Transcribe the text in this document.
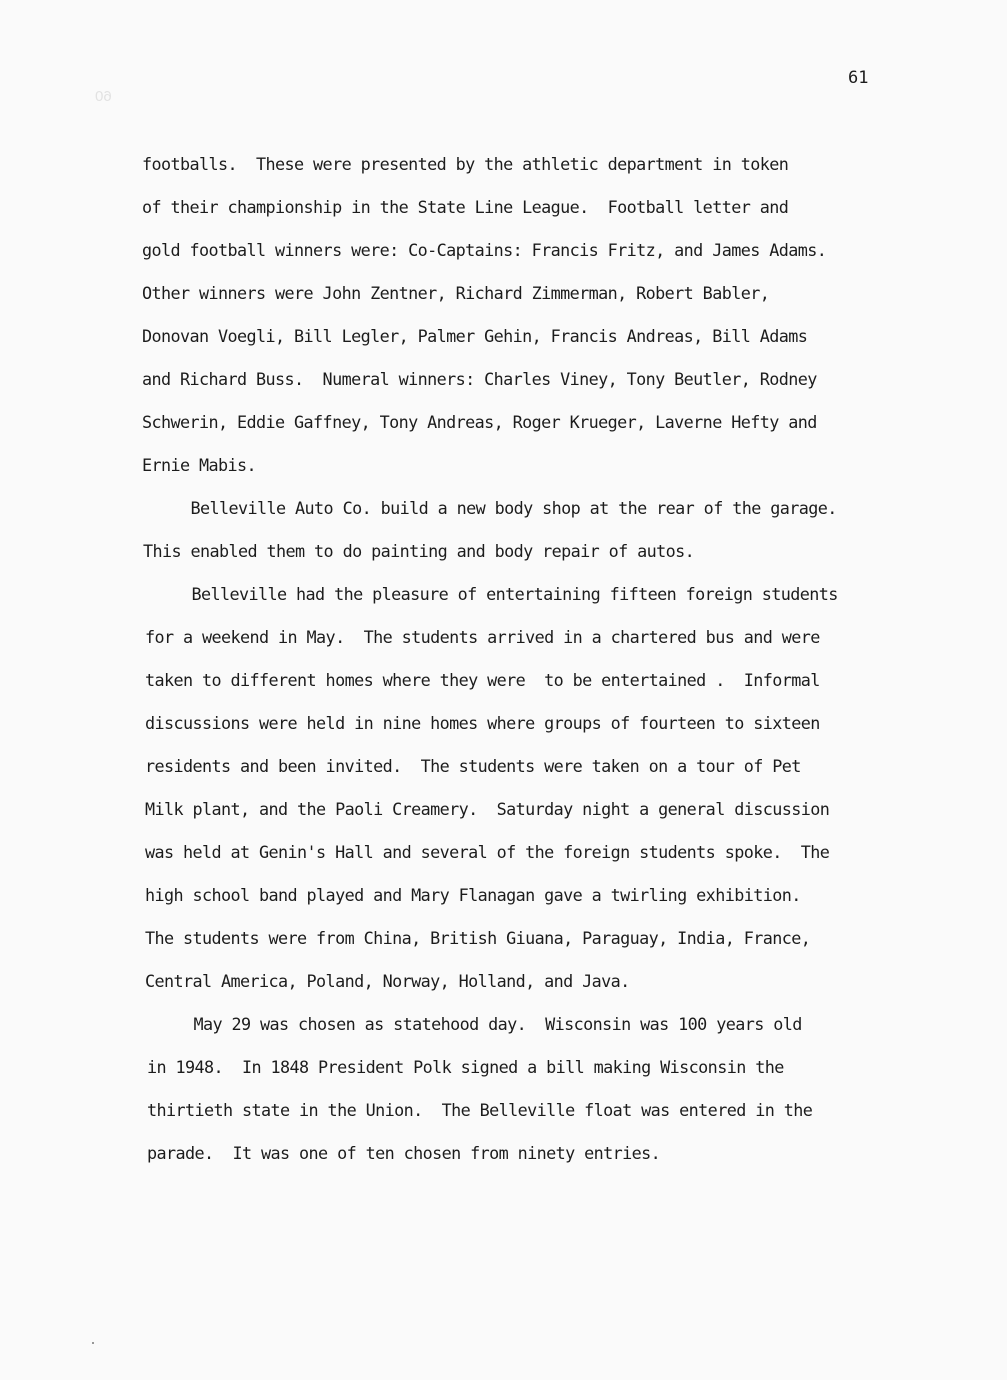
60

61
footballs.  These were presented by the athletic department in token
of their championship in the State Line League.  Football letter and
gold football winners were: Co-Captains: Francis Fritz, and James Adams.
Other winners were John Zentner, Richard Zimmerman, Robert Babler,
Donovan Voegli, Bill Legler, Palmer Gehin, Francis Andreas, Bill Adams
and Richard Buss.  Numeral winners: Charles Viney, Tony Beutler, Rodney
Schwerin, Eddie Gaffney, Tony Andreas, Roger Krueger, Laverne Hefty and
Ernie Mabis.
Belleville Auto Co. build a new body shop at the rear of the garage.
This enabled them to do painting and body repair of autos.
Belleville had the pleasure of entertaining fifteen foreign students
for a weekend in May.  The students arrived in a chartered bus and were
taken to different homes where they were  to be entertained .  Informal
discussions were held in nine homes where groups of fourteen to sixteen
residents and been invited.  The students were taken on a tour of Pet
Milk plant, and the Paoli Creamery.  Saturday night a general discussion
was held at Genin's Hall and several of the foreign students spoke.  The
high school band played and Mary Flanagan gave a twirling exhibition.
The students were from China, British Giuana, Paraguay, India, France,
Central America, Poland, Norway, Holland, and Java.
May 29 was chosen as statehood day.  Wisconsin was 100 years old
in 1948.  In 1848 President Polk signed a bill making Wisconsin the
thirtieth state in the Union.  The Belleville float was entered in the
parade.  It was one of ten chosen from ninety entries.
